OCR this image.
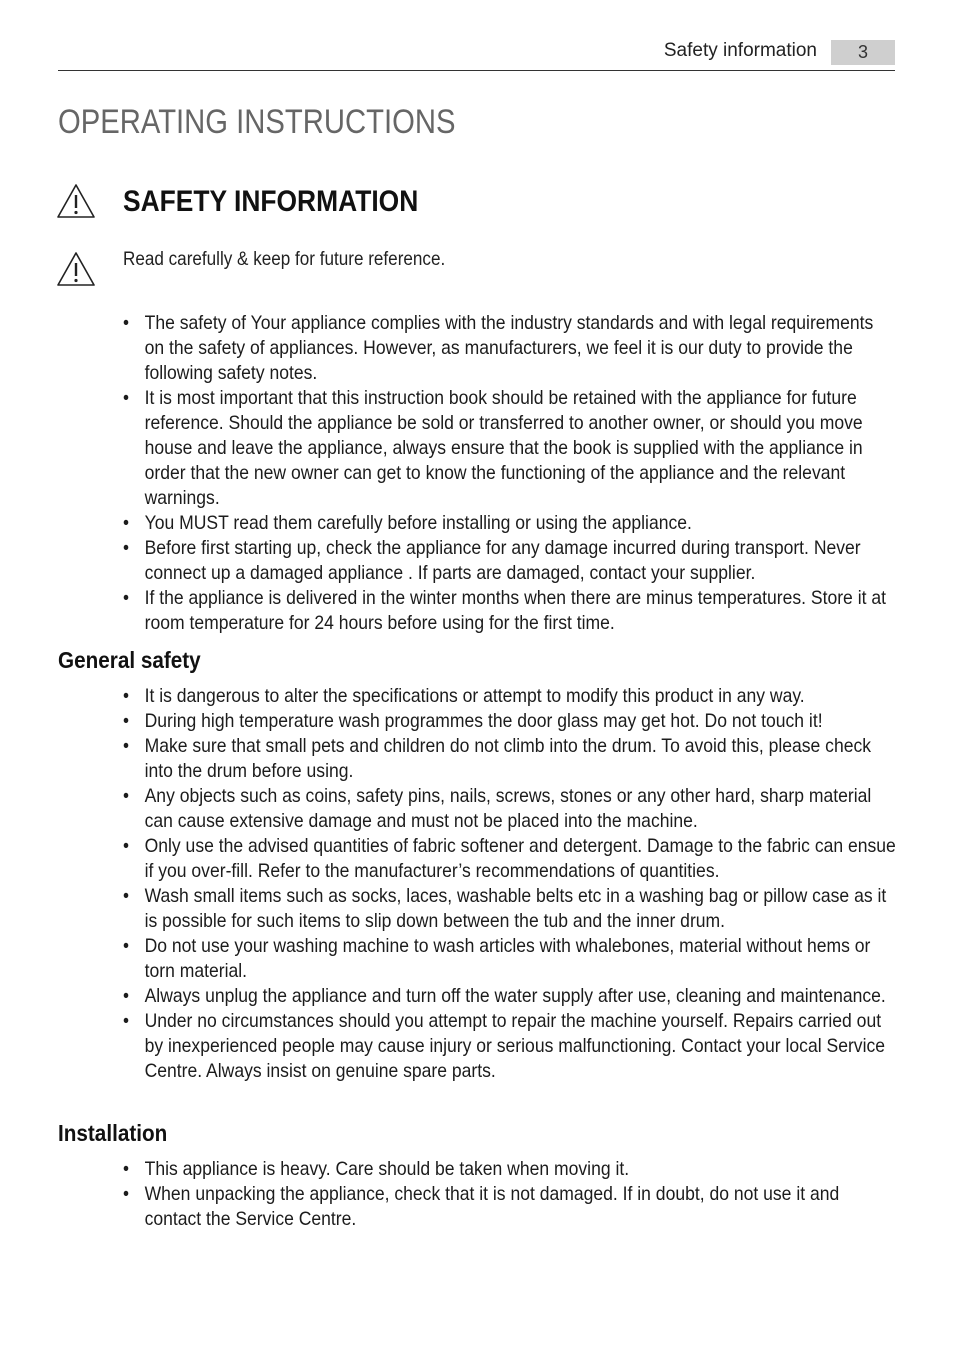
Safety information	3
OPERATING INSTRUCTIONS
SAFETY INFORMATION

Read carefully & keep for future reference.

• The safety of Your appliance complies with the industry standards and with legal requirements on the safety of appliances. However, as manufacturers, we feel it is our duty to provide the following safety notes.
• It is most important that this instruction book should be retained with the appliance for future reference. Should the appliance be sold or transferred to another owner, or should you move house and leave the appliance, always ensure that the book is supplied with the appliance in order that the new owner can get to know the functioning of the appliance and the relevant warnings.
• You MUST read them carefully before installing or using the appliance.
• Before first starting up, check the appliance for any damage incurred during transport. Never connect up a damaged appliance . If parts are damaged, contact your supplier.
• If the appliance is delivered in the winter months when there are minus temperatures. Store it at room temperature for 24 hours before using for the first time.
General safety
• It is dangerous to alter the specifications or attempt to modify this product in any way.
• During high temperature wash programmes the door glass may get hot. Do not touch it!
• Make sure that small pets and children do not climb into the drum. To avoid this, please check into the drum before using.
• Any objects such as coins, safety pins, nails, screws, stones or any other hard, sharp material can cause extensive damage and must not be placed into the machine.
• Only use the advised quantities of fabric softener and detergent. Damage to the fabric can ensue if you over-fill. Refer to the manufacturer’s recommendations of quantities.
• Wash small items such as socks, laces, washable belts etc in a washing bag or pillow case as it is possible for such items to slip down between the tub and the inner drum.
• Do not use your washing machine to wash articles with whalebones, material without hems or torn material.
• Always unplug the appliance and turn off the water supply after use, cleaning and maintenance.
• Under no circumstances should you attempt to repair the machine yourself. Repairs carried out by inexperienced people may cause injury or serious malfunctioning. Contact your local Service Centre. Always insist on genuine spare parts.
Installation
• This appliance is heavy. Care should be taken when moving it.
• When unpacking the appliance, check that it is not damaged. If in doubt, do not use it and contact the Service Centre.
